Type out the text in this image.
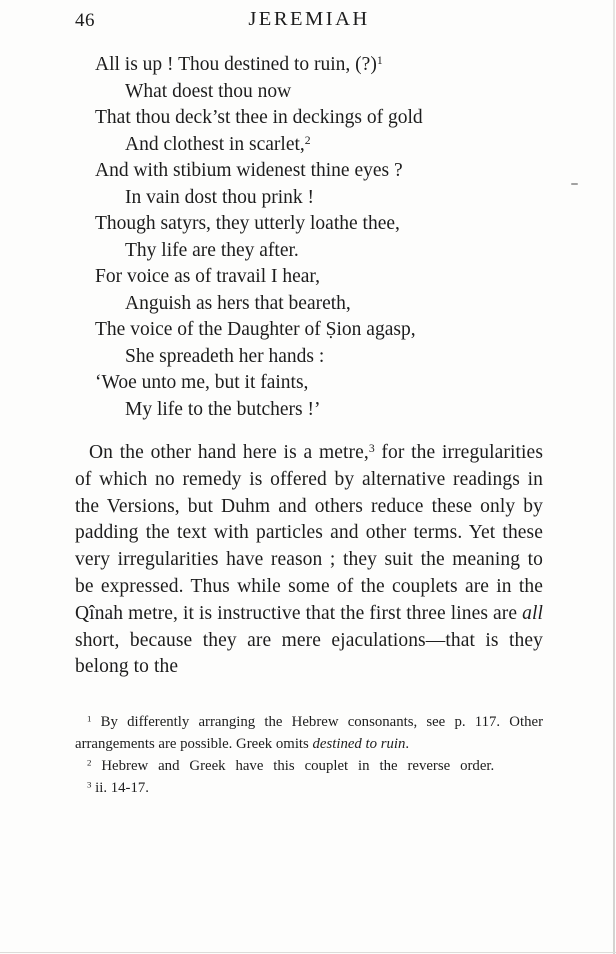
46	JEREMIAH
All is up ! Thou destined to ruin, (?)$^1$
What doest thou now
That thou deck’st thee in deckings of gold
And clothest in scarlet,$^2$
And with stibium widenest thine eyes ?
In vain dost thou prink !
Though satyrs, they utterly loathe thee,
Thy life are they after.
For voice as of travail I hear,
Anguish as hers that beareth,
The voice of the Daughter of Ṣion agasp,
She spreadeth her hands :
‘Woe unto me, but it faints,
My life to the butchers !’

On the other hand here is a metre,$^3$ for the irregularities of which no remedy is offered by alternative readings in the Versions, but Duhm and others reduce these only by padding the text with particles and other terms. Yet these very irregularities have reason ; they suit the meaning to be expressed. Thus while some of the couplets are in the Qînah metre, it is instructive that the first three lines are all short, because they are mere ejaculations—that is they belong to the

$^1$ By differently arranging the Hebrew consonants, see p. 117. Other arrangements are possible. Greek omits destined to ruin.

$^2$ Hebrew and Greek have this couplet in the reverse order.

$^3$ ii. 14-17.
